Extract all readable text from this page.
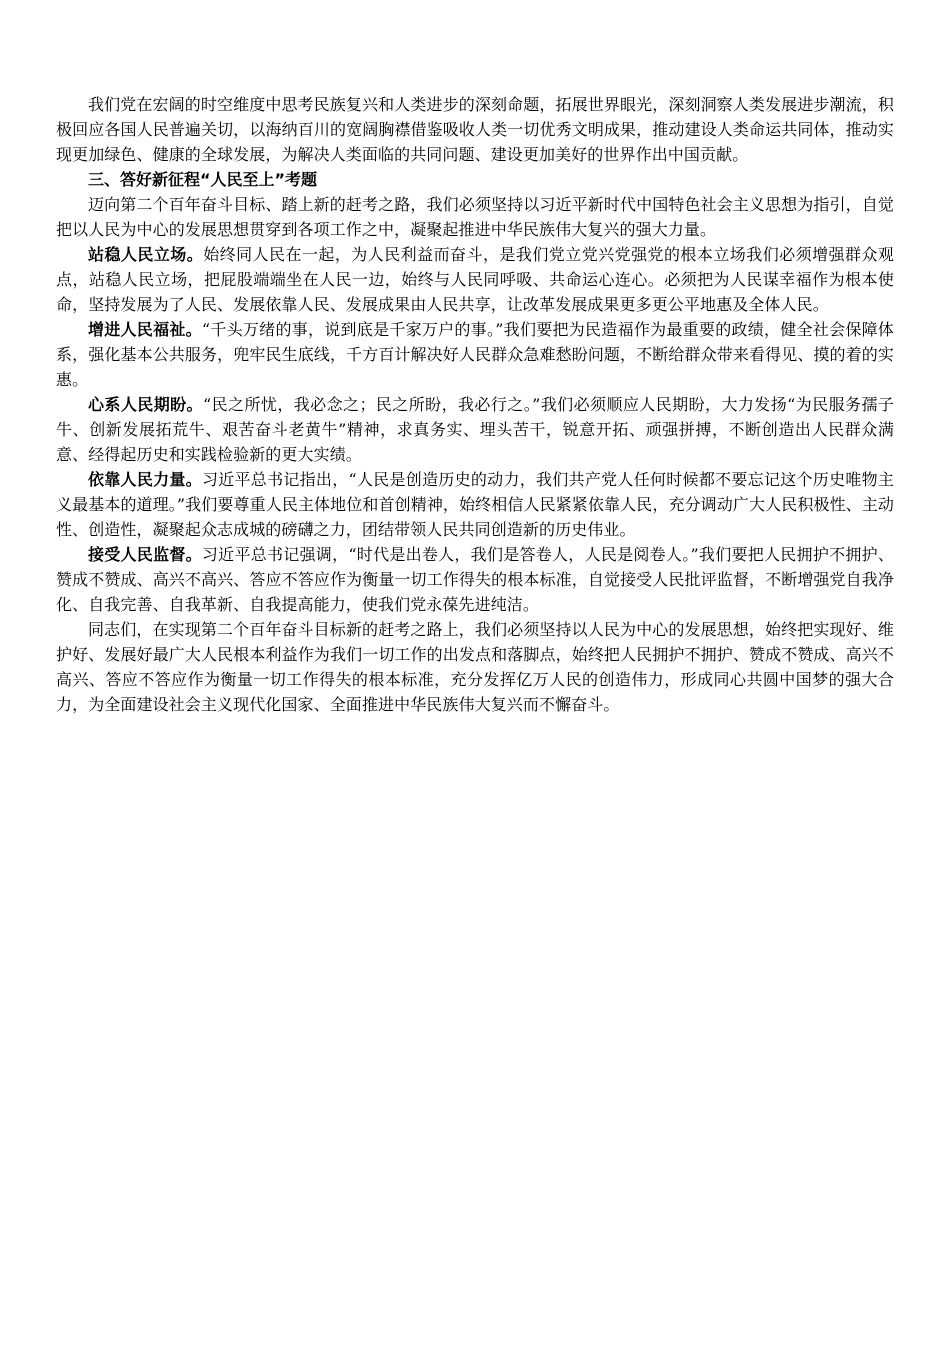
我们党在宏阔的时空维度中思考民族复兴和人类进步的深刻命题，拓展世界眼光，深刻洞察人类发展进步潮流，积极回应各国人民普遍关切，以海纳百川的宽阔胸襟借鉴吸收人类一切优秀文明成果，推动建设人类命运共同体，推动实现更加绿色、健康的全球发展，为解决人类面临的共同问题、建设更加美好的世界作出中国贡献。

三、答好新征程“人民至上”考题

迈向第二个百年奋斗目标、踏上新的赶考之路，我们必须坚持以习近平新时代中国特色社会主义思想为指引，自觉把以人民为中心的发展思想贯穿到各项工作之中，凝聚起推进中华民族伟大复兴的强大力量。

站稳人民立场。始终同人民在一起，为人民利益而奋斗，是我们党立党兴党强党的根本立场我们必须增强群众观点，站稳人民立场，把屁股端端坐在人民一边，始终与人民同呼吸、共命运心连心。必须把为人民谋幸福作为根本使命，坚持发展为了人民、发展依靠人民、发展成果由人民共享，让改革发展成果更多更公平地惠及全体人民。

增进人民福祉。“千头万绪的事，说到底是千家万户的事。”我们要把为民造福作为最重要的政绩，健全社会保障体系，强化基本公共服务，兜牢民生底线，千方百计解决好人民群众急难愁盼问题，不断给群众带来看得见、摸的着的实惠。

心系人民期盼。“民之所忧，我必念之；民之所盼，我必行之。”我们必须顺应人民期盼，大力发扬“为民服务孺子牛、创新发展拓荒牛、艰苦奋斗老黄牛”精神，求真务实、埋头苦干，锐意开拓、顽强拼搏，不断创造出人民群众满意、经得起历史和实践检验新的更大实绩。

依靠人民力量。习近平总书记指出，“人民是创造历史的动力，我们共产党人任何时候都不要忘记这个历史唯物主义最基本的道理。”我们要尊重人民主体地位和首创精神，始终相信人民紧紧依靠人民，充分调动广大人民积极性、主动性、创造性，凝聚起众志成城的磅礴之力，团结带领人民共同创造新的历史伟业。

接受人民监督。习近平总书记强调，“时代是出卷人，我们是答卷人，人民是阅卷人。”我们要把人民拥护不拥护、赞成不赞成、高兴不高兴、答应不答应作为衡量一切工作得失的根本标准，自觉接受人民批评监督，不断增强党自我净化、自我完善、自我革新、自我提高能力，使我们党永葆先进纯洁。

同志们，在实现第二个百年奋斗目标新的赶考之路上，我们必须坚持以人民为中心的发展思想，始终把实现好、维护好、发展好最广大人民根本利益作为我们一切工作的出发点和落脚点，始终把人民拥护不拥护、赞成不赞成、高兴不高兴、答应不答应作为衡量一切工作得失的根本标准，充分发挥亿万人民的创造伟力，形成同心共圆中国梦的强大合力，为全面建设社会主义现代化国家、全面推进中华民族伟大复兴而不懈奋斗。
